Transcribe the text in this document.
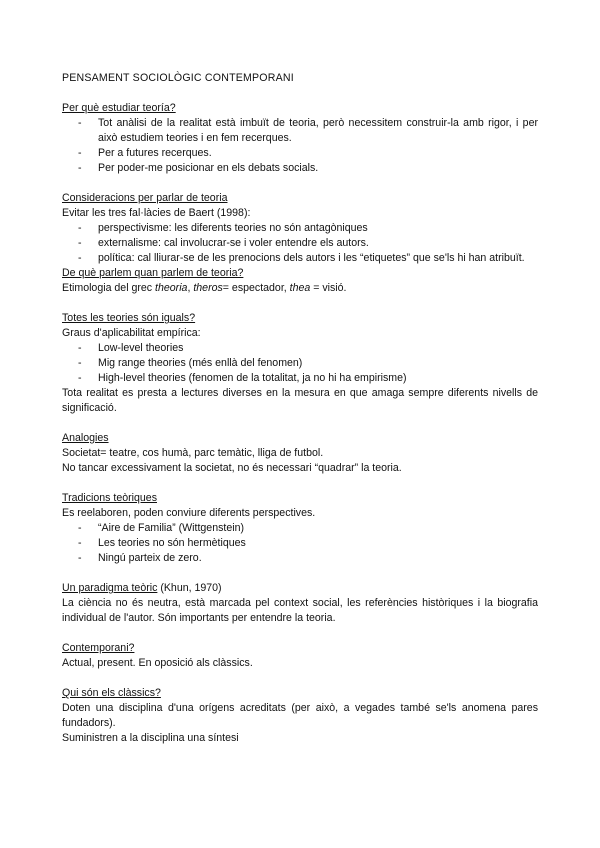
PENSAMENT SOCIOLÒGIC CONTEMPORANI

Per què estudiar teoría?

- Tot anàlisi de la realitat està imbuït de teoria, però necessitem construir-la amb rigor, i per això estudiem teories i en fem recerques.
- Per a futures recerques.
- Per poder-me posicionar en els debats socials.

Consideracions per parlar de teoria

Evitar les tres fal·làcies de Baert (1998):

- perspectivisme: les diferents teories no són antagòniques
- externalisme: cal involucrar-se i voler entendre els autors.
- política: cal lliurar-se de les prenocions dels autors i les “etiquetes” que se'ls hi han atribuït.

De què parlem quan parlem de teoria?

Etimologia del grec theoria, theros= espectador, thea = visió.

Totes les teories són iguals?

Graus d'aplicabilitat empírica:

- Low-level theories
- Mig range theories (més enllà del fenomen)
- High-level theories (fenomen de la totalitat, ja no hi ha empirisme)

Tota realitat es presta a lectures diverses en la mesura en que amaga sempre diferents nivells de significació.

Analogies

Societat= teatre, cos humà, parc temàtic, lliga de futbol.

No tancar excessivament la societat, no és necessari “quadrar” la teoria.

Tradicions teòriques

Es reelaboren, poden conviure diferents perspectives.

- “Aire de Familia” (Wittgenstein)
- Les teories no són hermètiques
- Ningú parteix de zero.

Un paradigma teòric (Khun, 1970)

La ciència no és neutra, està marcada pel context social, les referències històriques i la biografia individual de l'autor. Són importants per entendre la teoria.

Contemporani?

Actual, present. En oposició als clàssics.

Qui són els clàssics?

Doten una disciplina d'una orígens acreditats (per això, a vegades també se'ls anomena pares fundadors).

Suministren a la disciplina una síntesi
